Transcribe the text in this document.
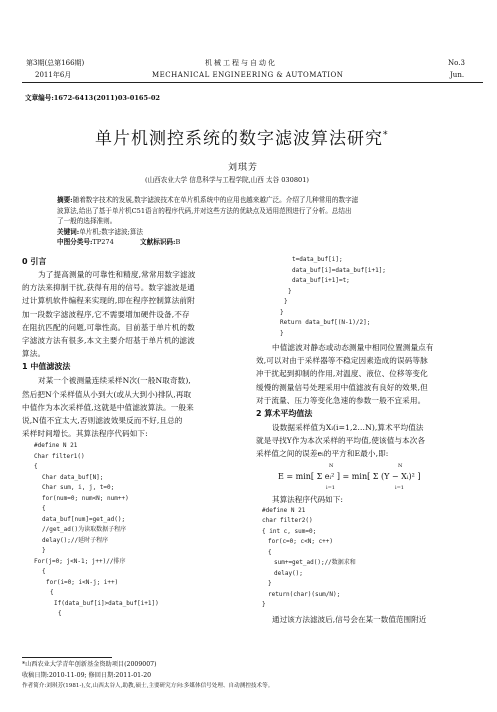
第3期(总第166期)
2011年6月
机械工程与自动化
MECHANICAL ENGINEERING & AUTOMATION
No.3
Jun.
文章编号:1672-6413(2011)03-0165-02
单片机测控系统的数字滤波算法研究*
刘琪芳
(山西农业大学 信息科学与工程学院,山西 太谷 030801)
摘要:随着数字技术的发展,数字滤波技术在单片机系统中的应用也越来越广泛。介绍了几种常用的数字滤
波算法,给出了基于单片机C51语言的程序代码,并对这些方法的优缺点及适用范围进行了分析。总结出
了一般的选择准则。
关键词:单片机;数字滤波;算法
中图分类号:TP274	文献标识码:B
0 引言
为了提高测量的可靠性和精度,常常用数字滤波
的方法来抑制干扰,获得有用的信号。数字滤波是通
过计算机软件编程来实现的,即在程序控制算法前附
加一段数字滤波程序,它不需要增加硬件设备,不存
在阻抗匹配的问题,可靠性高。目前基于单片机的数
字滤波方法有很多,本文主要介绍基于单片机的滤波
算法。
1 中值滤波法
对某一个被测量连续采样N次(一般N取奇数),
然后把N个采样值从小到大(或从大到小)排队,再取
中值作为本次采样值,这就是中值滤波算法。一般来
说,N值不宜太大,否则滤波效果反而不好,且总的
采样时间增长。其算法程序代码如下:
#define N 21
Char filter1()
{
Char data_buf[N];
Char sum, i, j, t=0;
for(num=0; num<N; num++)
{
data_buf[num]=get_ad();
//get_ad()为读取数据子程序
delay();//延时子程序
}
For(j=0; j<N-1; j++)//排序
{
for(i=0; i<N-j; i++)
{
If(data_buf[i]>data_buf[i+1])
{
t=data_buf[i];
data_buf[i]=data_buf[i+1];
data_buf[i+1]=t;
}
}
}
Return data_buf[(N-1)/2];
}
中值滤波对静态或动态测量中相同位置测量点有
效,可以对由于采样器等不稳定因素造成的误码等脉
冲干扰起到抑制的作用,对温度、液位、位移等变化
缓慢的测量信号处理采用中值滤波有良好的效果,但
对于流量、压力等变化急速的参数一般不宜采用。
2 算术平均值法
设数据采样值为Xᵢ(i=1,2…N),算术平均值法
就是寻找Y作为本次采样的平均值,使该值与本次各
采样值之间的误差eᵢ的平方和E最小,即:
E = min[ Σ eᵢ² ] = min[ Σ (Y − Xᵢ)² ]
N
i=1
N
i=1
其算法程序代码如下:
#define N 21
char filter2()
{ int c, sum=0;
for(c=0; c<N; c++)
{
sum+=get_ad();//数据求和
delay();
}
return(char)(sum/N);
}
通过该方法滤波后,信号会在某一数值范围附近
*山西农业大学青年创新基金资助项目(2009007)
收稿日期:2010-11-09; 修回日期:2011-01-20
作者简介:刘琪芳(1981-),女,山西太谷人,助教,硕士,主要研究方向:多媒体信号处理、自动测控技术等。
